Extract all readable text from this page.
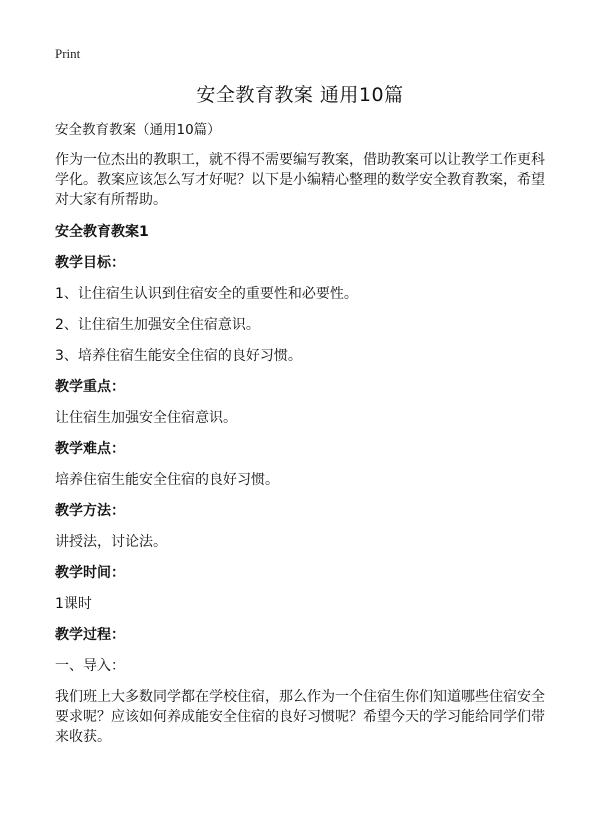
Print
安全教育教案 通用10篇

安全教育教案（通用10篇）

作为一位杰出的教职工，就不得不需要编写教案，借助教案可以让教学工作更科学化。教案应该怎么写才好呢？以下是小编精心整理的数学安全教育教案，希望对大家有所帮助。

安全教育教案1
教学目标：

1、让住宿生认识到住宿安全的重要性和必要性。

2、让住宿生加强安全住宿意识。

3、培养住宿生能安全住宿的良好习惯。

教学重点：

让住宿生加强安全住宿意识。

教学难点：

培养住宿生能安全住宿的良好习惯。

教学方法：

讲授法，讨论法。

教学时间：

1课时

教学过程：

一、导入：

我们班上大多数同学都在学校住宿，那么作为一个住宿生你们知道哪些住宿安全要求呢？应该如何养成能安全住宿的良好习惯呢？希望今天的学习能给同学们带来收获。
